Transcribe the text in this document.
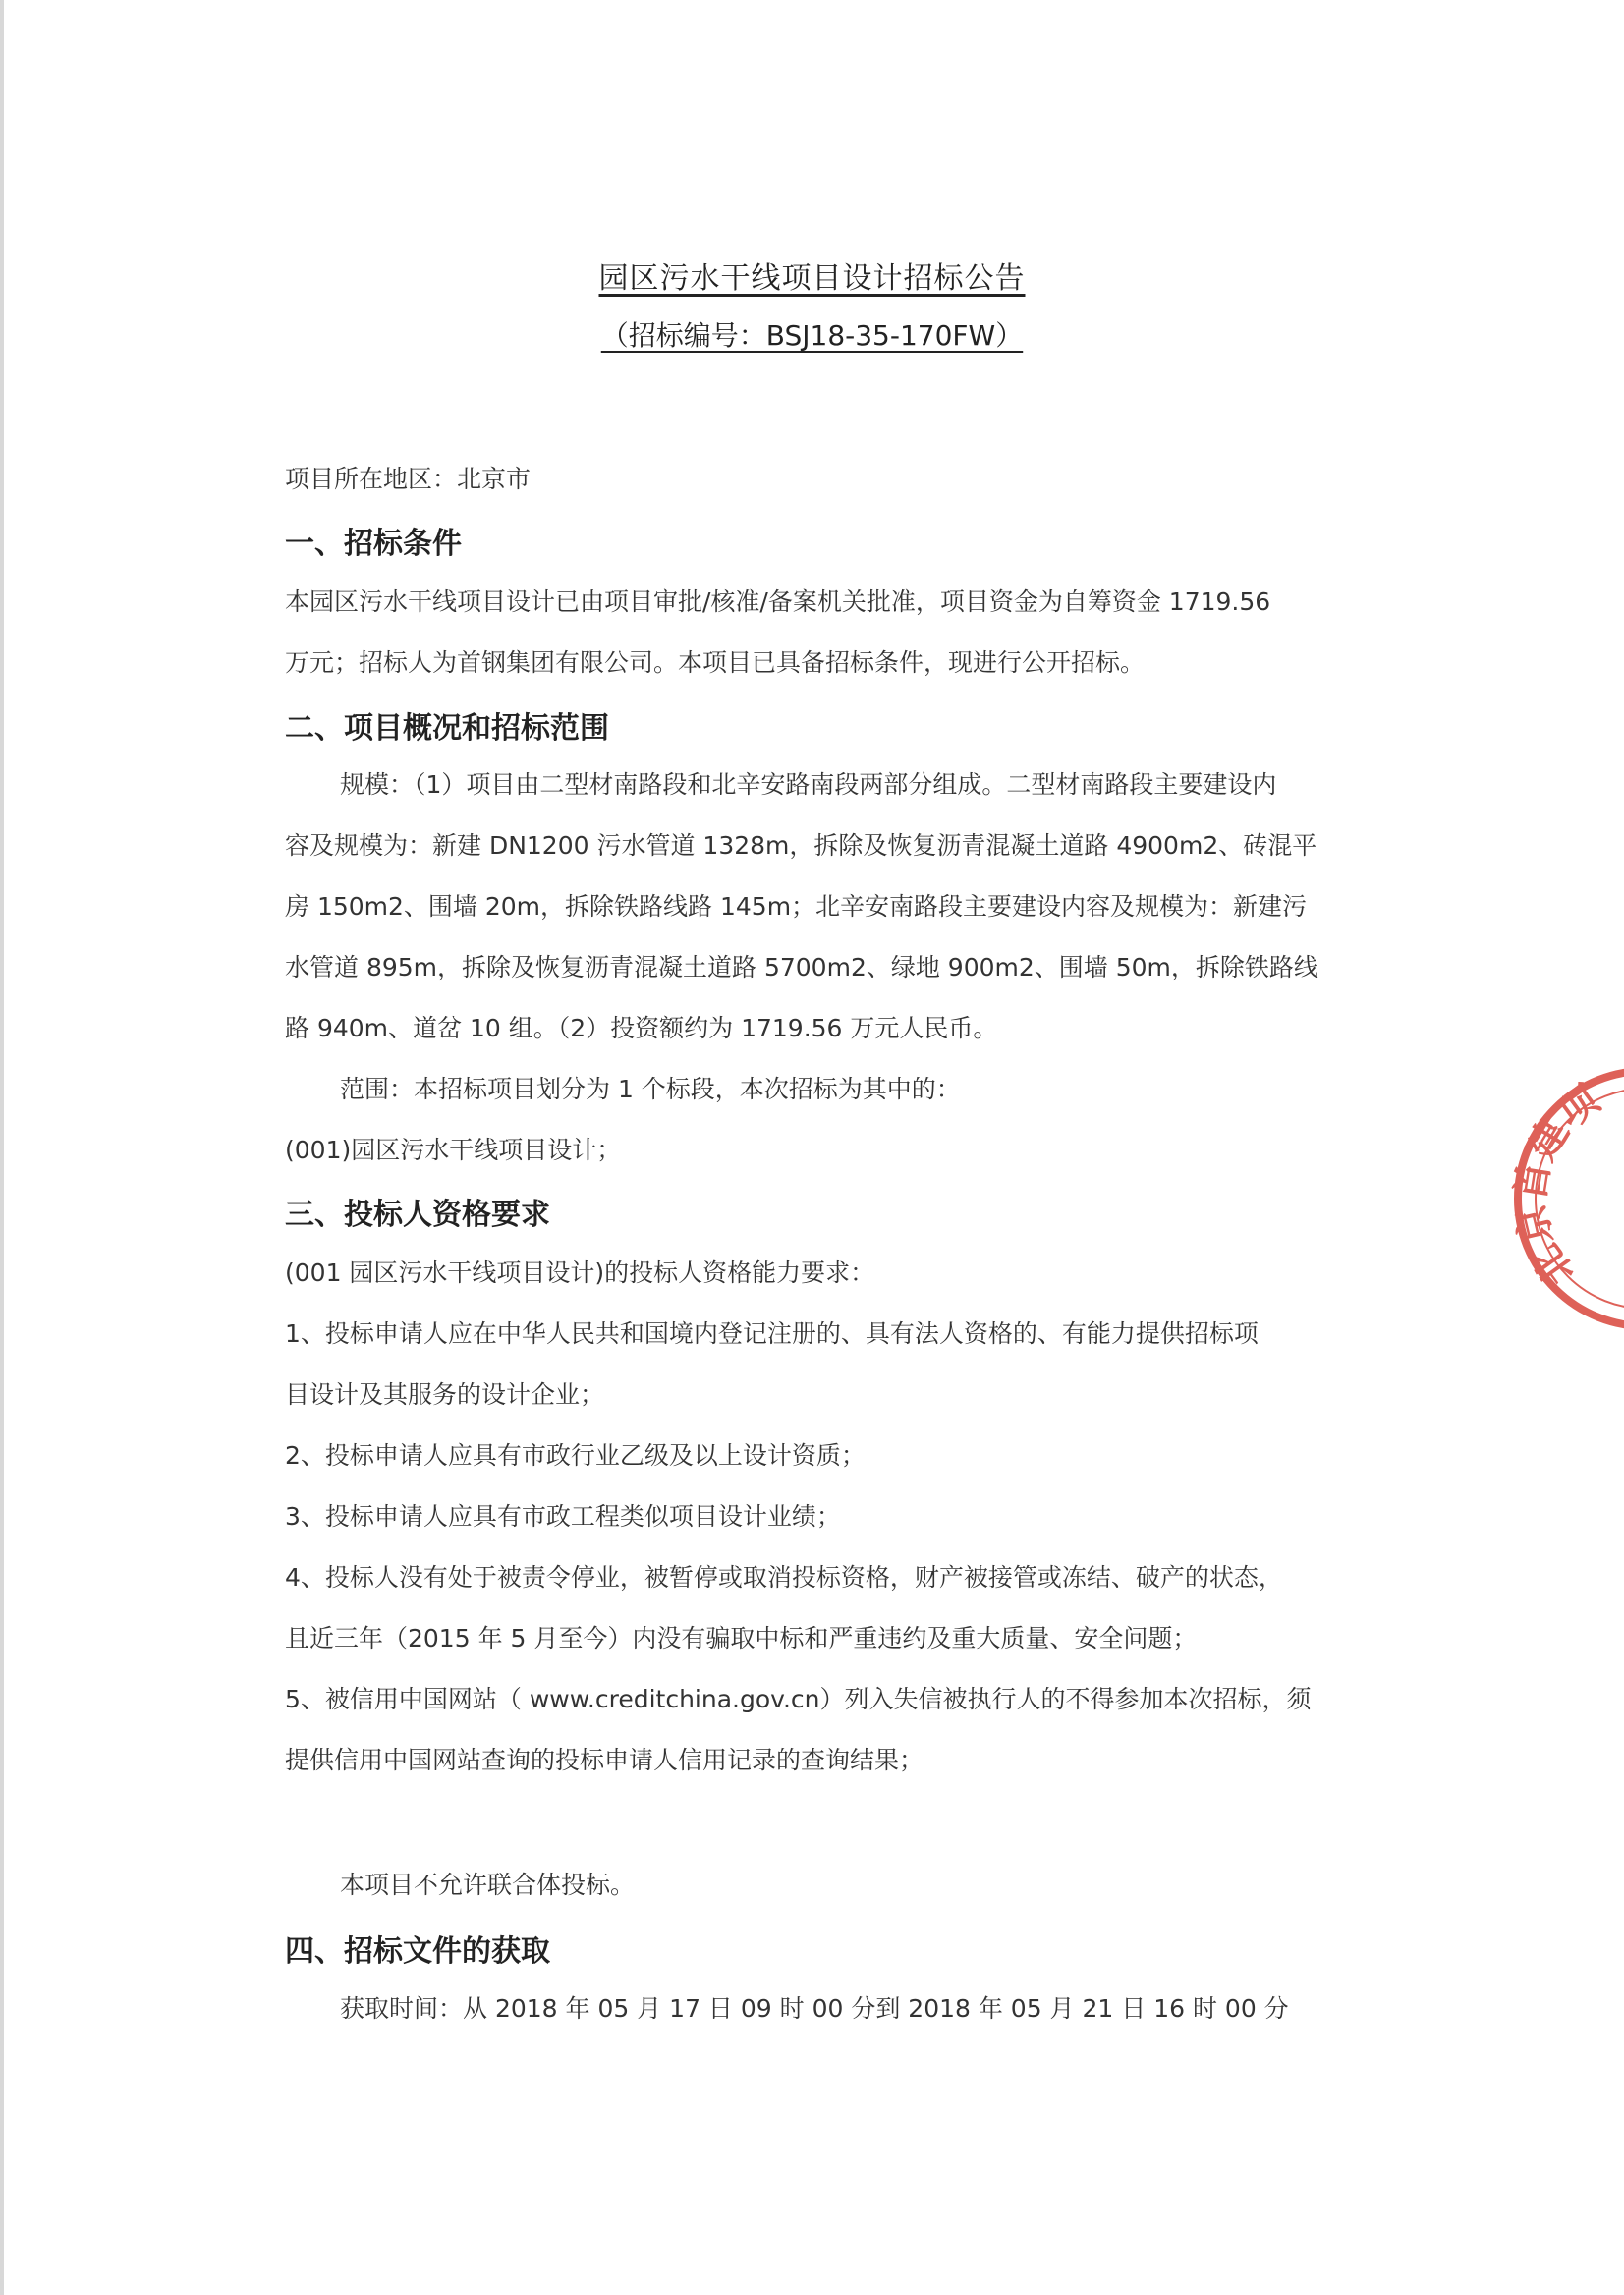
园区污水干线项目设计招标公告
（招标编号：BSJ18-35-170FW）
项目所在地区：北京市
一、招标条件
本园区污水干线项目设计已由项目审批/核准/备案机关批准，项目资金为自筹资金 1719.56
万元；招标人为首钢集团有限公司。本项目已具备招标条件，现进行公开招标。
二、项目概况和招标范围
规模：（1）项目由二型材南路段和北辛安路南段两部分组成。二型材南路段主要建设内
容及规模为：新建 DN1200 污水管道 1328m，拆除及恢复沥青混凝土道路 4900m2、砖混平
房 150m2、围墙 20m，拆除铁路线路 145m；北辛安南路段主要建设内容及规模为：新建污
水管道 895m，拆除及恢复沥青混凝土道路 5700m2、绿地 900m2、围墙 50m，拆除铁路线
路 940m、道岔 10 组。（2）投资额约为 1719.56 万元人民币。
范围：本招标项目划分为 1 个标段，本次招标为其中的：
(001)园区污水干线项目设计；
三、投标人资格要求
(001 园区污水干线项目设计)的投标人资格能力要求：
1、投标申请人应在中华人民共和国境内登记注册的、具有法人资格的、有能力提供招标项
目设计及其服务的设计企业；
2、投标申请人应具有市政行业乙级及以上设计资质；
3、投标申请人应具有市政工程类似项目设计业绩；
4、投标人没有处于被责令停业，被暂停或取消投标资格，财产被接管或冻结、破产的状态，
且近三年（2015 年 5 月至今）内没有骗取中标和严重违约及重大质量、安全问题；
5、被信用中国网站（ www.creditchina.gov.cn）列入失信被执行人的不得参加本次招标，须
提供信用中国网站查询的投标申请人信用记录的查询结果；
本项目不允许联合体投标。
四、招标文件的获取
获取时间：从 2018 年 05 月 17 日 09 时 00 分到 2018 年 05 月 21 日 16 时 00 分
北京首建项
